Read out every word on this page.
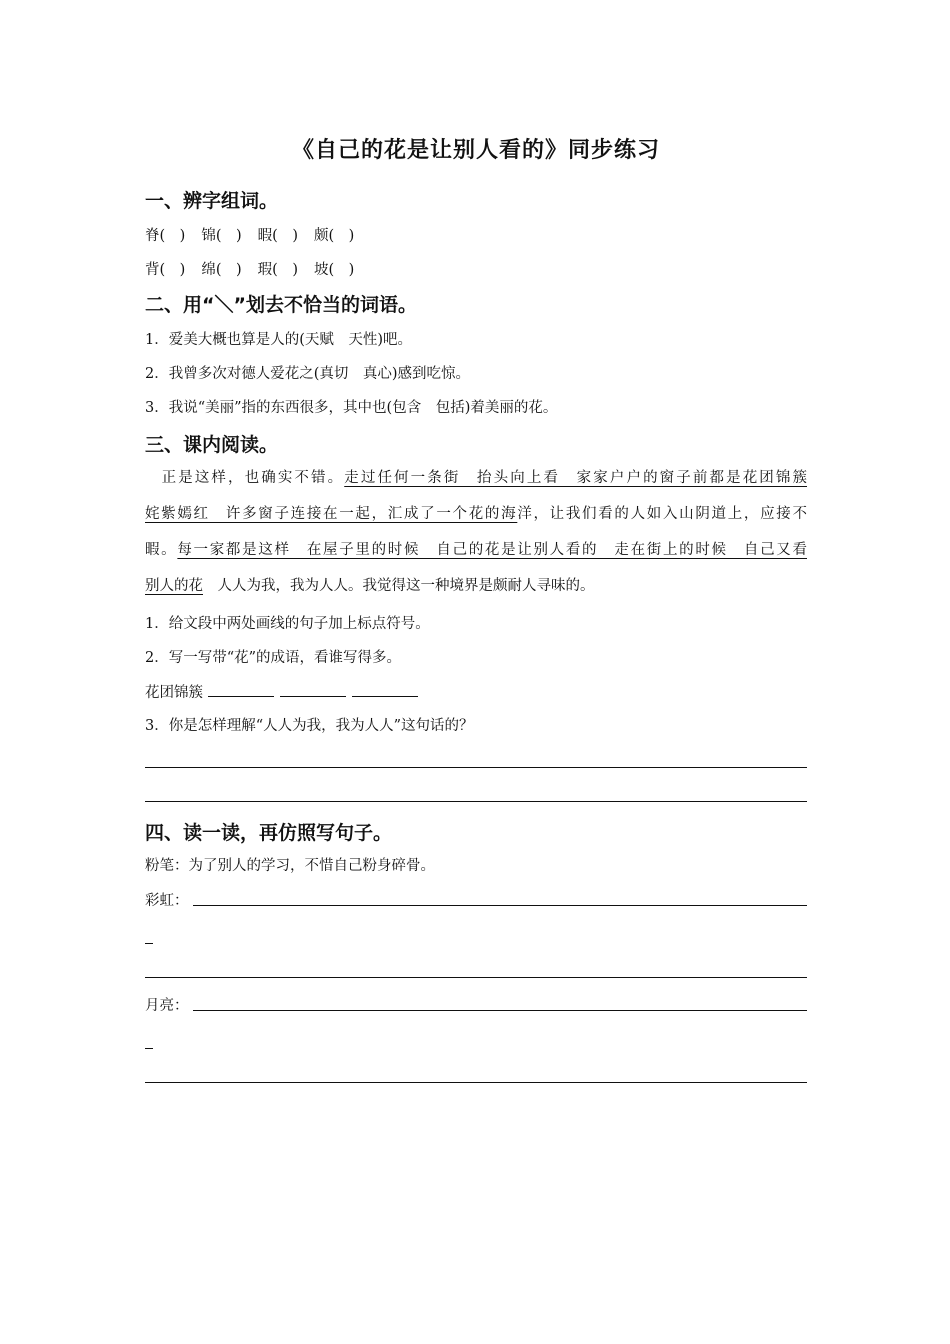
《自己的花是让别人看的》同步练习
一、辨字组词。
脊(　) 锦(　) 暇(　) 颇(　)
背(　) 绵(　) 瑕(　) 坡(　)
二、用“＼”划去不恰当的词语。
1．爱美大概也算是人的(天赋　天性)吧。
2．我曾多次对德人爱花之(真切　真心)感到吃惊。
3．我说“美丽”指的东西很多，其中也(包含　包括)着美丽的花。
三、课内阅读。

　正是这样，也确实不错。走过任何一条街　抬头向上看　家家户户的窗子前都是花团锦簇

姹紫嫣红　许多窗子连接在一起，汇成了一个花的海洋，让我们看的人如入山阴道上，应接不

暇。每一家都是这样　在屋子里的时候　自己的花是让别人看的　走在街上的时候　自己又看

别人的花　人人为我，我为人人。我觉得这一种境界是颇耐人寻味的。

1．给文段中两处画线的句子加上标点符号。
2．写一写带“花”的成语，看谁写得多。
花团锦簇
3．你是怎样理解“人人为我，我为人人”这句话的？
四、读一读，再仿照写句子。
粉笔：为了别人的学习，不惜自己粉身碎骨。
彩虹：
月亮：
